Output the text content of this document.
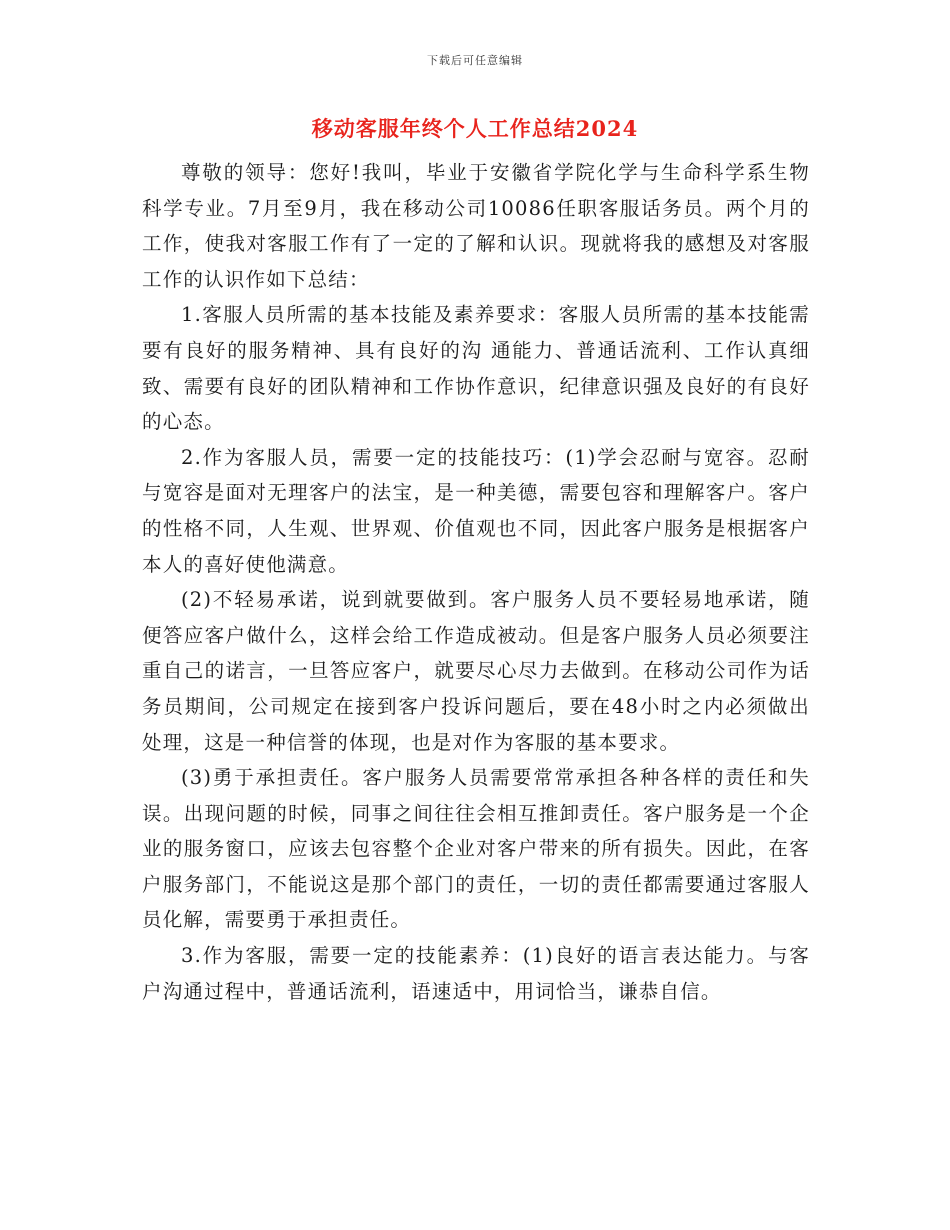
下载后可任意编辑
移动客服年终个人工作总结2024

尊敬的领导：您好!我叫，毕业于安徽省学院化学与生命科学系生物科学专业。7月至9月，我在移动公司10086任职客服话务员。两个月的工作，使我对客服工作有了一定的了解和认识。现就将我的感想及对客服工作的认识作如下总结：

1.客服人员所需的基本技能及素养要求：客服人员所需的基本技能需要有良好的服务精神、具有良好的沟 通能力、普通话流利、工作认真细致、需要有良好的团队精神和工作协作意识，纪律意识强及良好的有良好的心态。

2.作为客服人员，需要一定的技能技巧：(1)学会忍耐与宽容。忍耐与宽容是面对无理客户的法宝，是一种美德，需要包容和理解客户。客户的性格不同，人生观、世界观、价值观也不同，因此客户服务是根据客户本人的喜好使他满意。

(2)不轻易承诺，说到就要做到。客户服务人员不要轻易地承诺，随便答应客户做什么，这样会给工作造成被动。但是客户服务人员必须要注重自己的诺言，一旦答应客户，就要尽心尽力去做到。在移动公司作为话务员期间，公司规定在接到客户投诉问题后，要在48小时之内必须做出处理，这是一种信誉的体现，也是对作为客服的基本要求。

(3)勇于承担责任。客户服务人员需要常常承担各种各样的责任和失误。出现问题的时候，同事之间往往会相互推卸责任。客户服务是一个企业的服务窗口，应该去包容整个企业对客户带来的所有损失。因此，在客户服务部门，不能说这是那个部门的责任，一切的责任都需要通过客服人员化解，需要勇于承担责任。

3.作为客服，需要一定的技能素养：(1)良好的语言表达能力。与客户沟通过程中，普通话流利，语速适中，用词恰当，谦恭自信。
